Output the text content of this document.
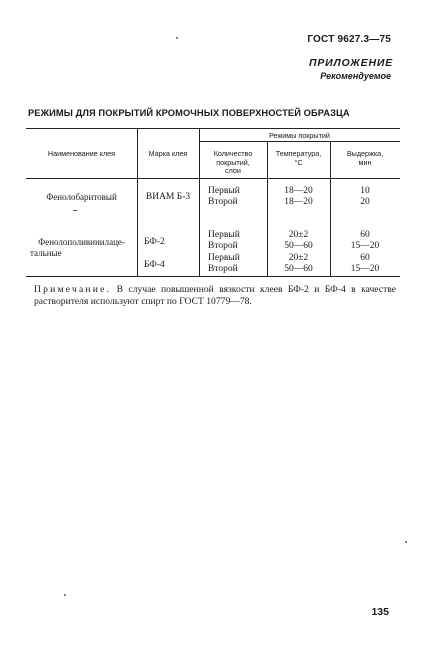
ГОСТ 9627.3—75
ПРИЛОЖЕНИЕ
Рекомендуемое
РЕЖИМЫ ДЛЯ ПОКРЫТИЙ КРОМОЧНЫХ ПОВЕРХНОСТЕЙ ОБРАЗЦА
Наименование клея	Марка клея
Режимы покрытий
Количество
покрытий,
слои
Температура,
°С
Выдержка,
мин
Фенолобаритовый	ВИАМ Б-3
Первый
Второй
18—20
18—20
10
20
Фенолополивинилаце-
тальные
БФ-2
БФ-4
Первый
Второй
20±2
50—60
60
15—20
Первый
Второй
20±2
50—60
60
15—20
Примечание. В случае повышенной вязкости клеев БФ-2 и БФ-4 в качестве растворителя используют спирт по ГОСТ 10779—78.
135
